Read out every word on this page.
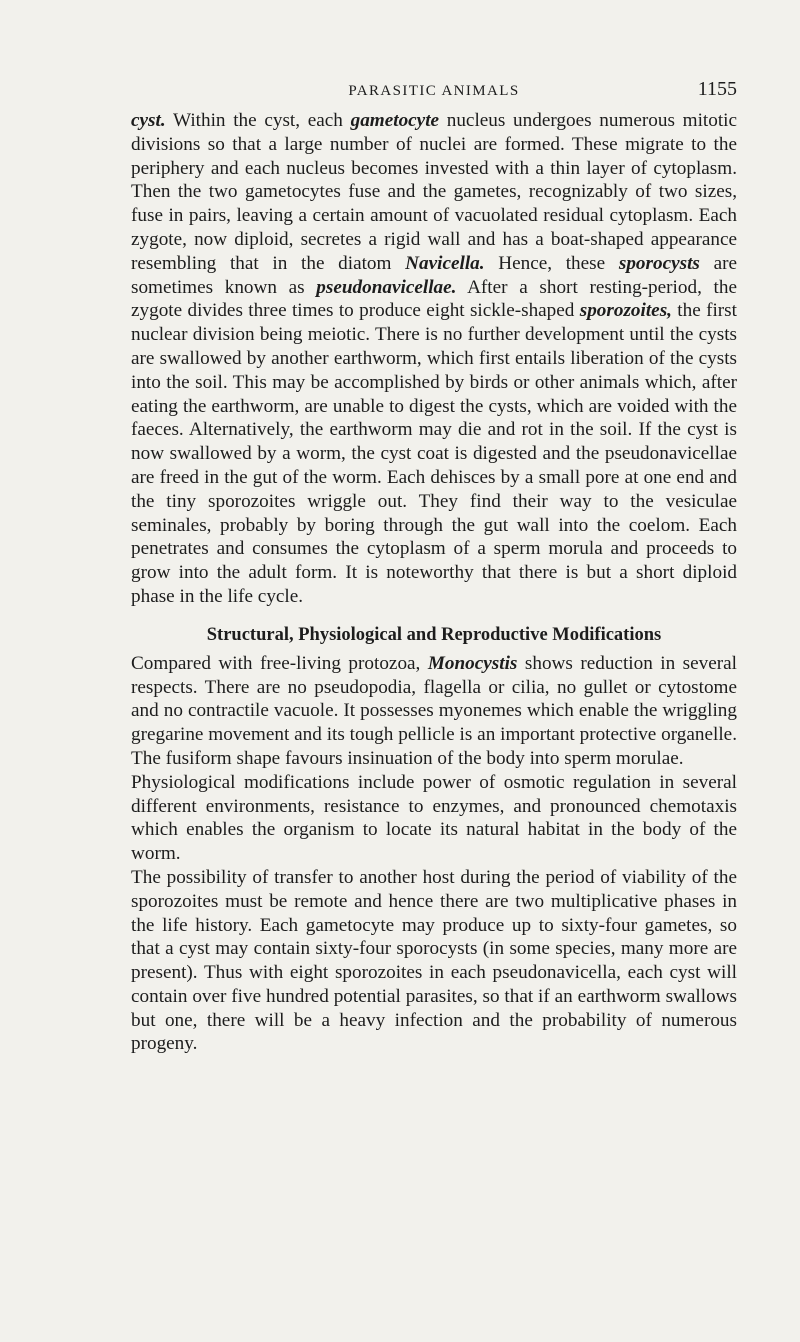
PARASITIC ANIMALS	1155

cyst. Within the cyst, each gametocyte nucleus undergoes numerous mitotic divisions so that a large number of nuclei are formed. These migrate to the periphery and each nucleus becomes invested with a thin layer of cytoplasm. Then the two gametocytes fuse and the gametes, recognizably of two sizes, fuse in pairs, leaving a certain amount of vacuolated residual cytoplasm. Each zygote, now diploid, secretes a rigid wall and has a boat-shaped appearance resembling that in the diatom Navicella. Hence, these sporocysts are sometimes known as pseudonavicellae. After a short resting-period, the zygote divides three times to produce eight sickle-shaped sporozoites, the first nuclear division being meiotic. There is no further development until the cysts are swallowed by another earthworm, which first entails liberation of the cysts into the soil. This may be accomplished by birds or other animals which, after eating the earthworm, are unable to digest the cysts, which are voided with the faeces. Alternatively, the earthworm may die and rot in the soil. If the cyst is now swallowed by a worm, the cyst coat is digested and the pseudonavicellae are freed in the gut of the worm. Each dehisces by a small pore at one end and the tiny sporozoites wriggle out. They find their way to the vesiculae seminales, probably by boring through the gut wall into the coelom. Each penetrates and consumes the cytoplasm of a sperm morula and proceeds to grow into the adult form. It is noteworthy that there is but a short diploid phase in the life cycle.

Structural, Physiological and Reproductive Modifications

Compared with free-living protozoa, Monocystis shows reduction in several respects. There are no pseudopodia, flagella or cilia, no gullet or cytostome and no contractile vacuole. It possesses myonemes which enable the wriggling gregarine movement and its tough pellicle is an important protective organelle. The fusiform shape favours insinuation of the body into sperm morulae.

Physiological modifications include power of osmotic regulation in several different environments, resistance to enzymes, and pronounced chemotaxis which enables the organism to locate its natural habitat in the body of the worm.

The possibility of transfer to another host during the period of viability of the sporozoites must be remote and hence there are two multiplicative phases in the life history. Each gametocyte may produce up to sixty-four gametes, so that a cyst may contain sixty-four sporocysts (in some species, many more are present). Thus with eight sporozoites in each pseudonavicella, each cyst will contain over five hundred potential parasites, so that if an earthworm swallows but one, there will be a heavy infection and the probability of numerous progeny.
